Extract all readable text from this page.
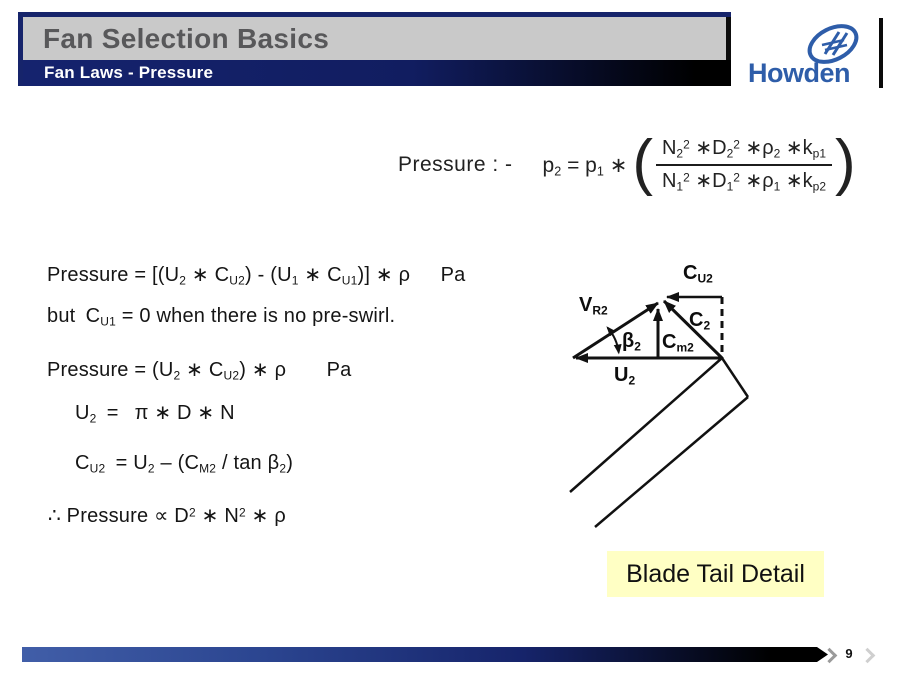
Fan Selection Basics
Fan Laws - Pressure	Howden
Pressure : - p2 = p1 ∗ ( $\frac{N2^2 ∗D2^2 ∗\rho 2 ∗kp1}{N1^2 ∗D1^2 ∗\rho 1 ∗kp2}$ )
Pressure = [(U2 ∗ CU2) - (U1 ∗ CU1)] ∗ ρ  Pa
but CU1 = 0 when there is no pre-swirl.
Pressure = (U2 ∗ CU2) ∗ ρ  Pa
U2 =  π ∗ D ∗ N
CU2 = U2 – (CM2 / tan β2)
∴ Pressure ∝ $D^2$ ∗ $N^2$ ∗ ρ
CU2
VR2	C2
Cm2
β2
U2
Blade Tail Detail
9
